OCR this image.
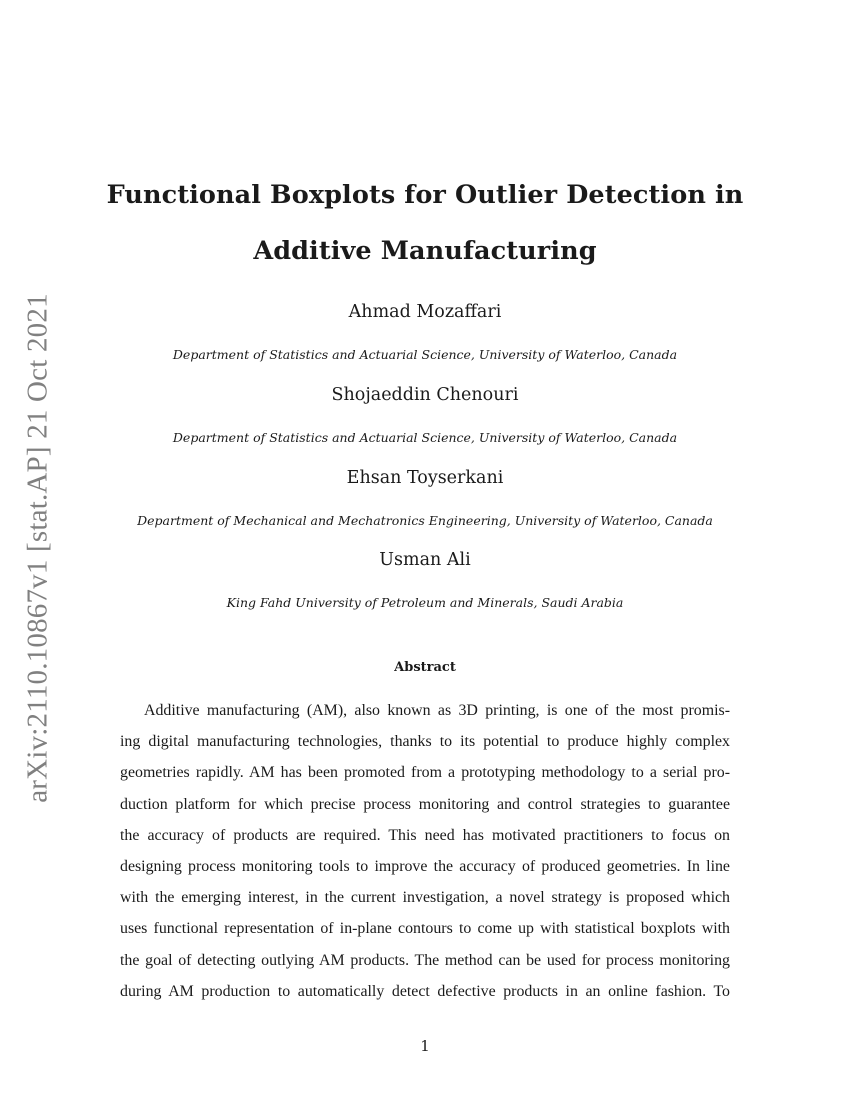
arXiv:2110.10867v1 [stat.AP] 21 Oct 2021
Functional Boxplots for Outlier Detection in
Additive Manufacturing
Ahmad Mozaffari
Department of Statistics and Actuarial Science, University of Waterloo, Canada
Shojaeddin Chenouri
Department of Statistics and Actuarial Science, University of Waterloo, Canada
Ehsan Toyserkani
Department of Mechanical and Mechatronics Engineering, University of Waterloo, Canada
Usman Ali
King Fahd University of Petroleum and Minerals, Saudi Arabia
Abstract
Additive manufacturing (AM), also known as 3D printing, is one of the most promis-
ing digital manufacturing technologies, thanks to its potential to produce highly complex
geometries rapidly. AM has been promoted from a prototyping methodology to a serial pro-
duction platform for which precise process monitoring and control strategies to guarantee
the accuracy of products are required. This need has motivated practitioners to focus on
designing process monitoring tools to improve the accuracy of produced geometries. In line
with the emerging interest, in the current investigation, a novel strategy is proposed which
uses functional representation of in-plane contours to come up with statistical boxplots with
the goal of detecting outlying AM products. The method can be used for process monitoring
during AM production to automatically detect defective products in an online fashion. To
1
